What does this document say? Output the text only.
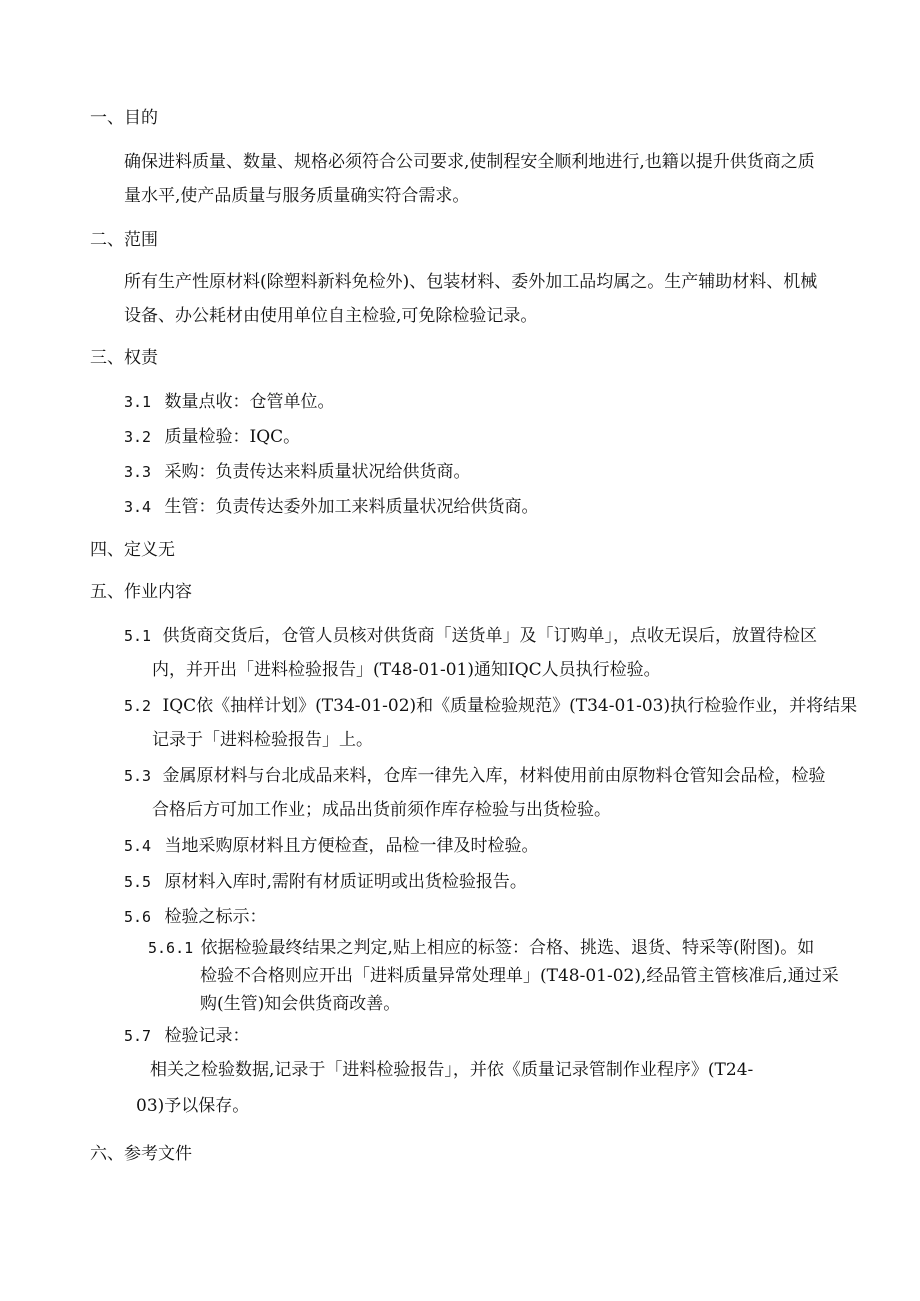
一、目的
确保进料质量、数量、规格必须符合公司要求,使制程安全顺利地进行,也籍以提升供货商之质
量水平,使产品质量与服务质量确实符合需求。
二、范围
所有生产性原材料(除塑料新料免检外)、包装材料、委外加工品均属之。生产辅助材料、机械
设备、办公耗材由使用单位自主检验,可免除检验记录。
三、权责
3.1 数量点收：仓管单位。
3.2 质量检验：IQC。
3.3 采购：负责传达来料质量状况给供货商。
3.4 生管：负责传达委外加工来料质量状况给供货商。
四、定义无
五、作业内容
5.1 供货商交货后，仓管人员核对供货商「送货单」及「订购单」，点收无误后，放置待检区
内，并开出「进料检验报告」(T48-01-01)通知IQC人员执行检验。
5.2 IQC依《抽样计划》(T34-01-02)和《质量检验规范》(T34-01-03)执行检验作业，并将结果
记录于「进料检验报告」上。
5.3 金属原材料与台北成品来料，仓库一律先入库，材料使用前由原物料仓管知会品检，检验
合格后方可加工作业；成品出货前须作库存检验与出货检验。
5.4 当地采购原材料且方便检查，品检一律及时检验。
5.5 原材料入库时,需附有材质证明或出货检验报告。
5.6 检验之标示：
5.6.1 依据检验最终结果之判定,贴上相应的标签：合格、挑选、退货、特采等(附图)。如
检验不合格则应开出「进料质量异常处理单」(T48-01-02),经品管主管核准后,通过采
购(生管)知会供货商改善。
5.7 检验记录：
相关之检验数据,记录于「进料检验报告」，并依《质量记录管制作业程序》(T24-
03)予以保存。
六、参考文件
